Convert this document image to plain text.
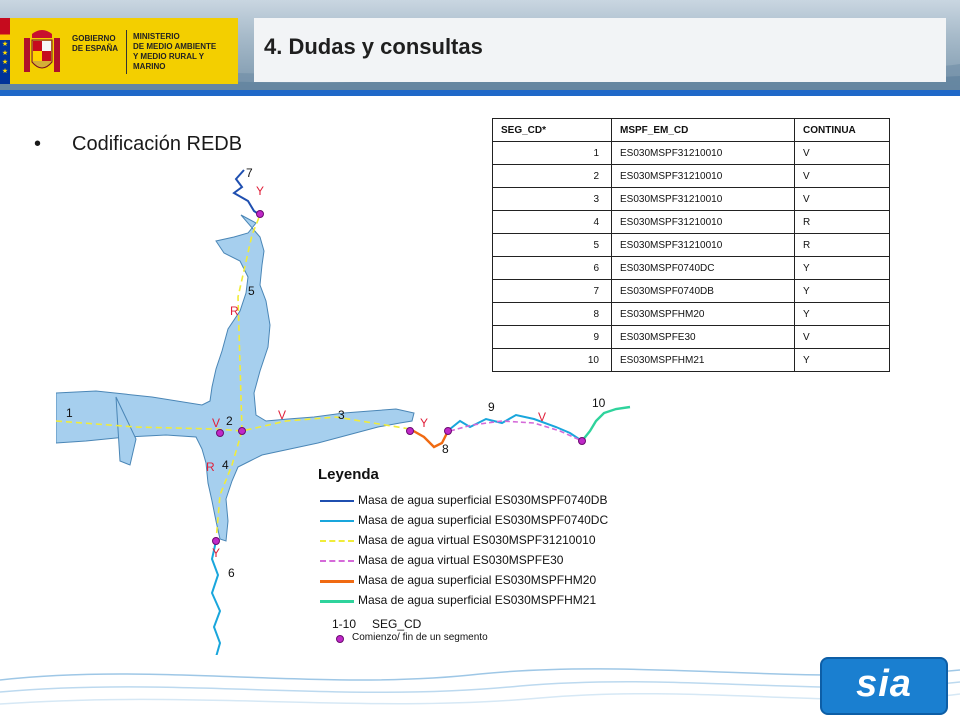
★
★
★
★
GOBIERNO
DE ESPAÑA
MINISTERIO
DE MEDIO AMBIENTE
Y MEDIO RURAL Y MARINO
4. Dudas y consultas
• Codificación REDB
7
5
1
2	3
4
6
8
9	10
Y
R
V
V
R
Y
Y	V
SEG_CD*	MSPF_EM_CD	CONTINUA
1	ES030MSPF31210010	V
2	ES030MSPF31210010	V
3	ES030MSPF31210010	V
4	ES030MSPF31210010	R
5	ES030MSPF31210010	R
6	ES030MSPF0740DC	Y
7	ES030MSPF0740DB	Y
8	ES030MSPFHM20	Y
9	ES030MSPFE30	V
10	ES030MSPFHM21	Y
Leyenda
Masa de agua superficial ES030MSPF0740DB
Masa de agua superficial ES030MSPF0740DC
Masa de agua virtual ES030MSPF31210010
Masa de agua virtual ES030MSPFE30
Masa de agua superficial ES030MSPFHM20
Masa de agua superficial ES030MSPFHM21
1-10 SEG_CD
Comienzo/ fin de un segmento
sia
